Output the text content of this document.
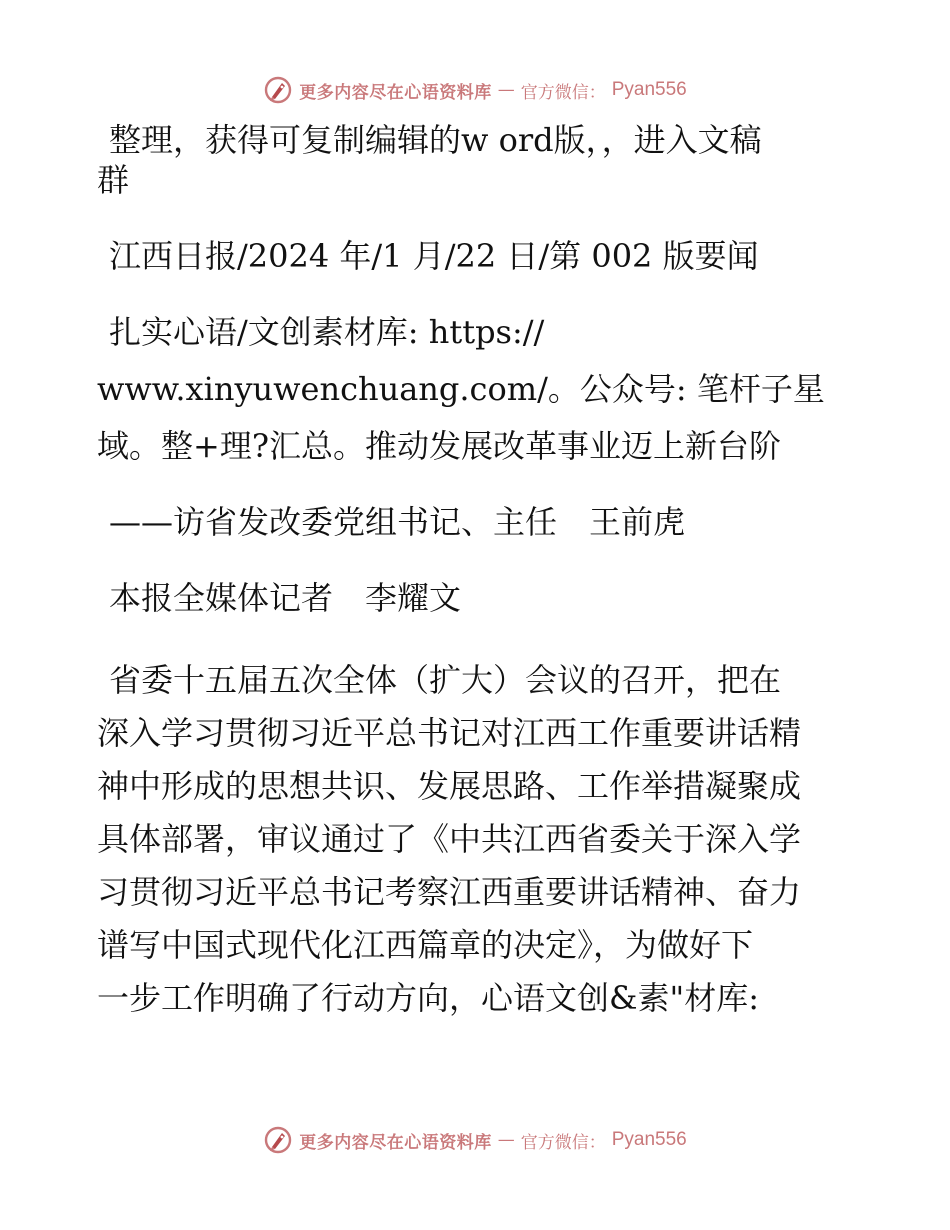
更多内容尽在心语资料库 — 官方微信： Pyan556

整理，获得可复制编辑的w ord版，，进入文稿

群

江西日报/2024 年/1 月/22 日/第 002 版要闻

扎实心语/文创素材库: https://

www.xinyuwenchuang.com/。公众号: 笔杆子星

域。整+理?汇总。推动发展改革事业迈上新台阶

——访省发改委党组书记、主任　王前虎

本报全媒体记者　李耀文

省委十五届五次全体（扩大）会议的召开，把在

深入学习贯彻习近平总书记对江西工作重要讲话精

神中形成的思想共识、发展思路、工作举措凝聚成

具体部署，审议通过了《中共江西省委关于深入学

习贯彻习近平总书记考察江西重要讲话精神、奋力

谱写中国式现代化江西篇章的决定》，为做好下

一步工作明确了行动方向，心语文创&素"材库:

更多内容尽在心语资料库 — 官方微信： Pyan556
